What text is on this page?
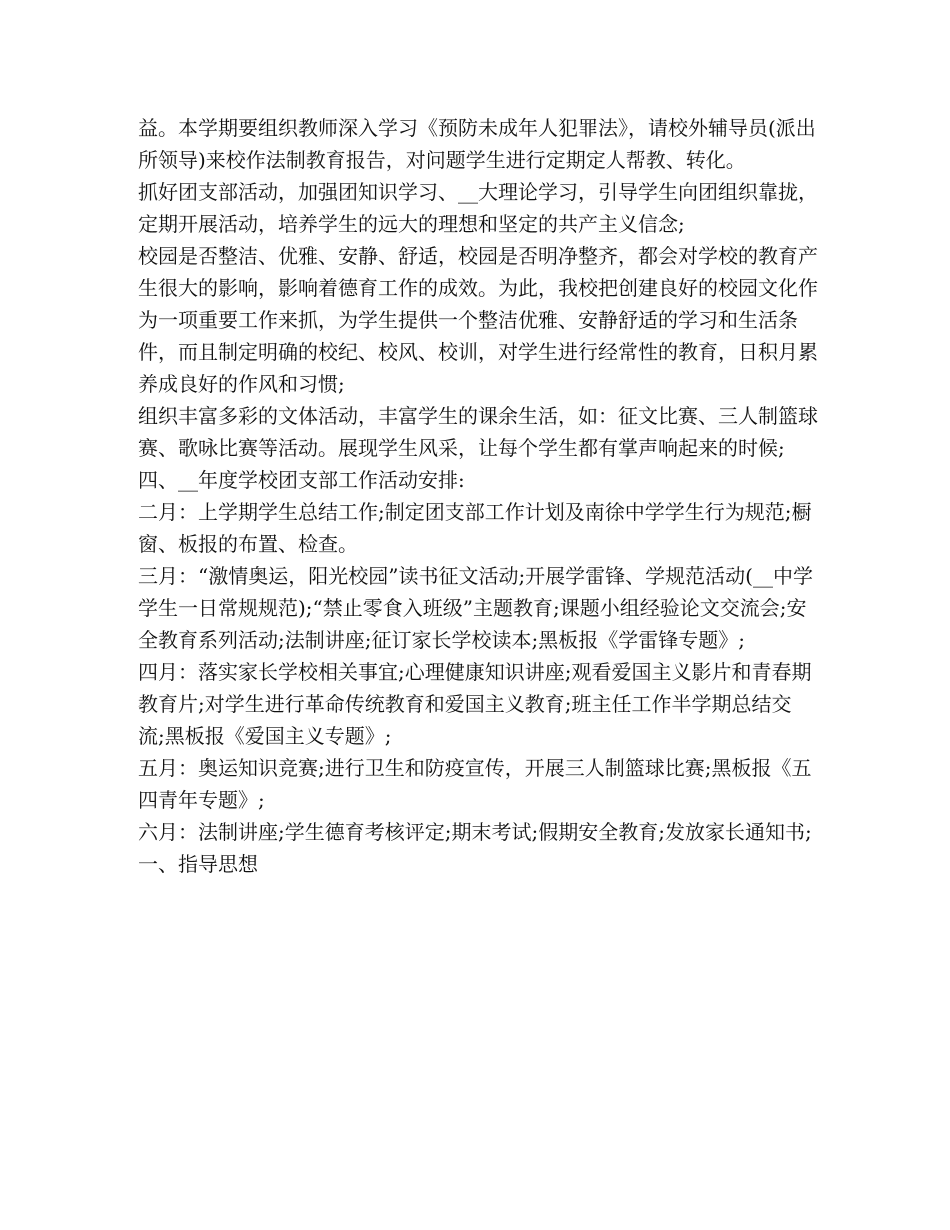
益。本学期要组织教师深入学习《预防未成年人犯罪法》，请校外辅导员(派出所领导)来校作法制教育报告，对问题学生进行定期定人帮教、转化。

抓好团支部活动，加强团知识学习、__大理论学习，引导学生向团组织靠拢，定期开展活动，培养学生的远大的理想和坚定的共产主义信念;

校园是否整洁、优雅、安静、舒适，校园是否明净整齐，都会对学校的教育产生很大的影响，影响着德育工作的成效。为此，我校把创建良好的校园文化作为一项重要工作来抓，为学生提供一个整洁优雅、安静舒适的学习和生活条件，而且制定明确的校纪、校风、校训，对学生进行经常性的教育，日积月累养成良好的作风和习惯;

组织丰富多彩的文体活动，丰富学生的课余生活，如：征文比赛、三人制篮球赛、歌咏比赛等活动。展现学生风采，让每个学生都有掌声响起来的时候;

四、__年度学校团支部工作活动安排:

二月：上学期学生总结工作;制定团支部工作计划及南徐中学学生行为规范;橱窗、板报的布置、检查。

三月：“激情奥运，阳光校园”读书征文活动;开展学雷锋、学规范活动(__中学学生一日常规规范);“禁止零食入班级”主题教育;课题小组经验论文交流会;安全教育系列活动;法制讲座;征订家长学校读本;黑板报《学雷锋专题》;

四月：落实家长学校相关事宜;心理健康知识讲座;观看爱国主义影片和青春期教育片;对学生进行革命传统教育和爱国主义教育;班主任工作半学期总结交流;黑板报《爱国主义专题》;

五月：奥运知识竞赛;进行卫生和防疫宣传，开展三人制篮球比赛;黑板报《五四青年专题》;

六月：法制讲座;学生德育考核评定;期末考试;假期安全教育;发放家长通知书;

一、指导思想
